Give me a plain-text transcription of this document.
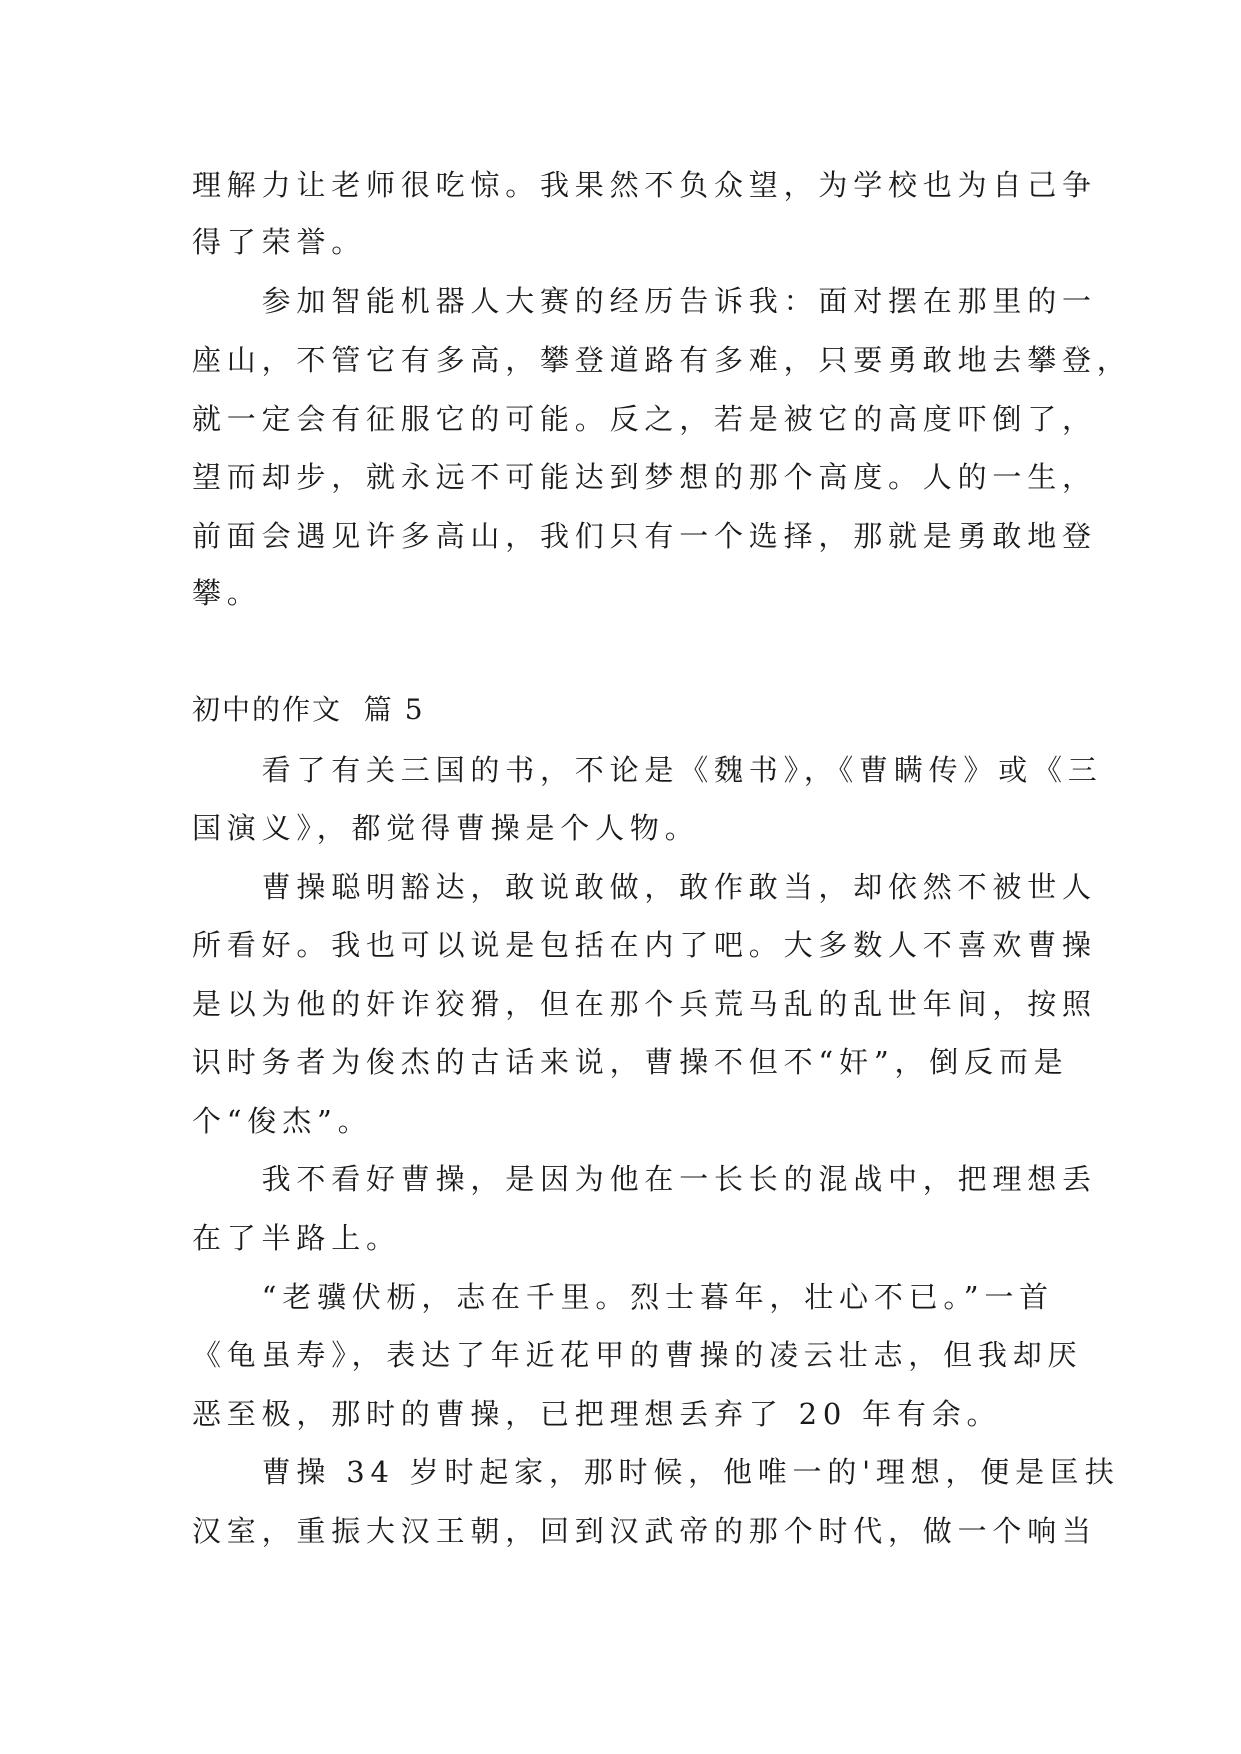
理解力让老师很吃惊。我果然不负众望，为学校也为自己争
得了荣誉。
　　参加智能机器人大赛的经历告诉我：面对摆在那里的一
座山，不管它有多高，攀登道路有多难，只要勇敢地去攀登，
就一定会有征服它的可能。反之，若是被它的高度吓倒了，
望而却步，就永远不可能达到梦想的那个高度。人的一生，
前面会遇见许多高山，我们只有一个选择，那就是勇敢地登
攀。
初中的作文  篇 5
　　看了有关三国的书，不论是《魏书》，《曹瞒传》或《三
国演义》，都觉得曹操是个人物。
　　曹操聪明豁达，敢说敢做，敢作敢当，却依然不被世人
所看好。我也可以说是包括在内了吧。大多数人不喜欢曹操
是以为他的奸诈狡猾，但在那个兵荒马乱的乱世年间，按照
识时务者为俊杰的古话来说，曹操不但不“奸”，倒反而是
个“俊杰”。
　　我不看好曹操，是因为他在一长长的混战中，把理想丢
在了半路上。
　　“老骥伏枥，志在千里。烈士暮年，壮心不已。”一首
《龟虽寿》，表达了年近花甲的曹操的凌云壮志，但我却厌
恶至极，那时的曹操，已把理想丢弃了 20 年有余。
　　曹操 34 岁时起家，那时候，他唯一的'理想，便是匡扶
汉室，重振大汉王朝，回到汉武帝的那个时代，做一个响当
